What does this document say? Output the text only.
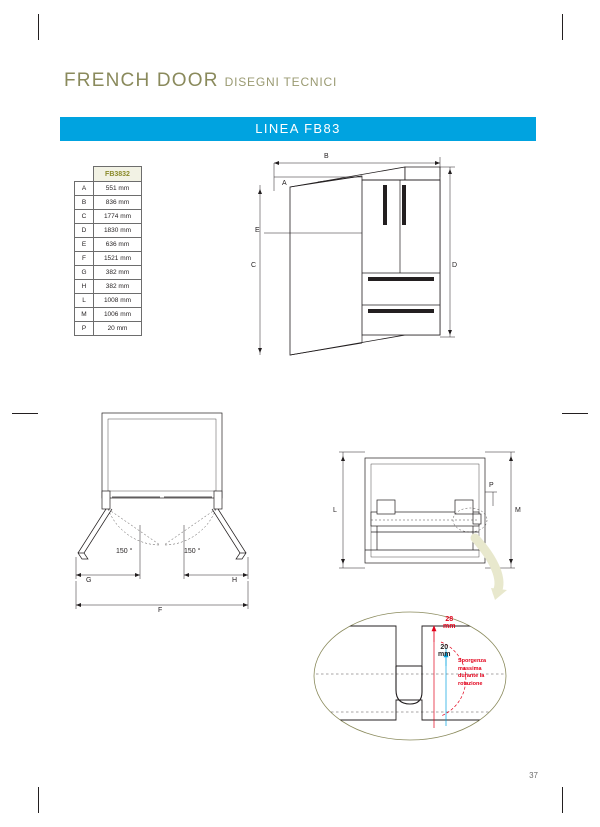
FRENCH DOOR DISEGNI TECNICI
LINEA FB83
	FB3832
A	551 mm
B	836 mm
C	1774 mm
D	1830 mm
E	636 mm
F	1521 mm
G	382 mm
H	382 mm
L	1008 mm
M	1006 mm
P	20 mm
B
A
C	D
E
150 °	150 °
G	H
F
L	M
P
28
mm
20
mm
Sporgenza
massima
durante la
rotazione
37
